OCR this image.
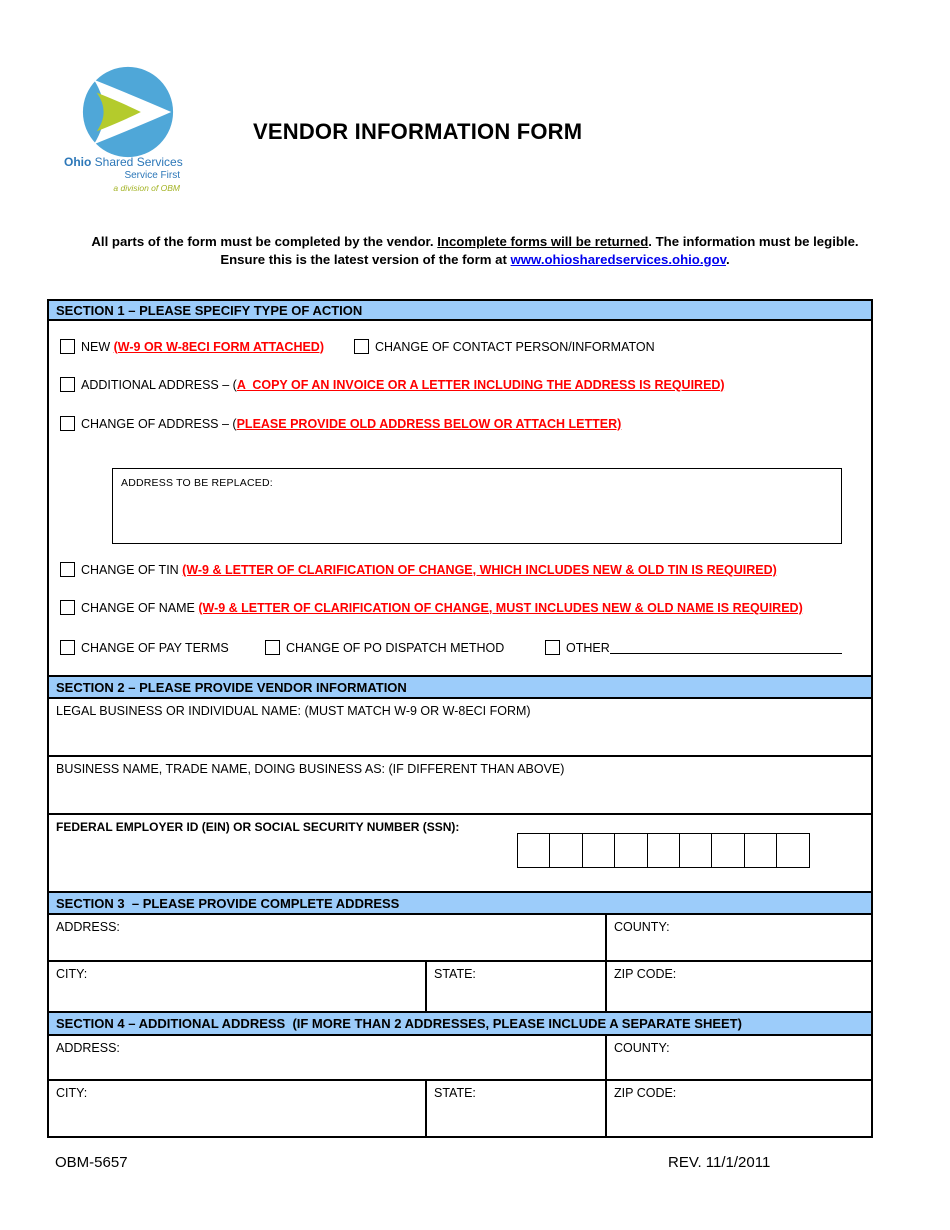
Ohio Shared Services
Service First
a division of OBM
VENDOR INFORMATION FORM
All parts of the form must be completed by the vendor. Incomplete forms will be returned. The information must be legible.
Ensure this is the latest version of the form at www.ohiosharedservices.ohio.gov.
SECTION 1 – PLEASE SPECIFY TYPE OF ACTION
NEW (W-9 OR W-8ECI FORM ATTACHED)	CHANGE OF CONTACT PERSON/INFORMATON
ADDITIONAL ADDRESS – ( A  COPY OF AN INVOICE OR A LETTER INCLUDING THE ADDRESS IS REQUIRED)
CHANGE OF ADDRESS – ( PLEASE PROVIDE OLD ADDRESS BELOW OR ATTACH LETTER)
ADDRESS TO BE REPLACED:
CHANGE OF TIN (W-9 & LETTER OF CLARIFICATION OF CHANGE, WHICH INCLUDES NEW & OLD TIN IS REQUIRED)
CHANGE OF NAME (W-9 & LETTER OF CLARIFICATION OF CHANGE, MUST INCLUDES NEW & OLD NAME IS REQUIRED)
CHANGE OF PAY TERMS	CHANGE OF PO DISPATCH METHOD	OTHER
SECTION 2 – PLEASE PROVIDE VENDOR INFORMATION
LEGAL BUSINESS OR INDIVIDUAL NAME: (MUST MATCH W-9 OR W-8ECI FORM)
BUSINESS NAME, TRADE NAME, DOING BUSINESS AS: (IF DIFFERENT THAN ABOVE)
FEDERAL EMPLOYER ID (EIN) OR SOCIAL SECURITY NUMBER (SSN):
SECTION 3  – PLEASE PROVIDE COMPLETE ADDRESS
ADDRESS:	COUNTY:
CITY:	STATE:	ZIP CODE:
SECTION 4 – ADDITIONAL ADDRESS  (IF MORE THAN 2 ADDRESSES, PLEASE INCLUDE A SEPARATE SHEET)
ADDRESS:	COUNTY:
CITY:	STATE:	ZIP CODE:
OBM-5657	REV. 11/1/2011
